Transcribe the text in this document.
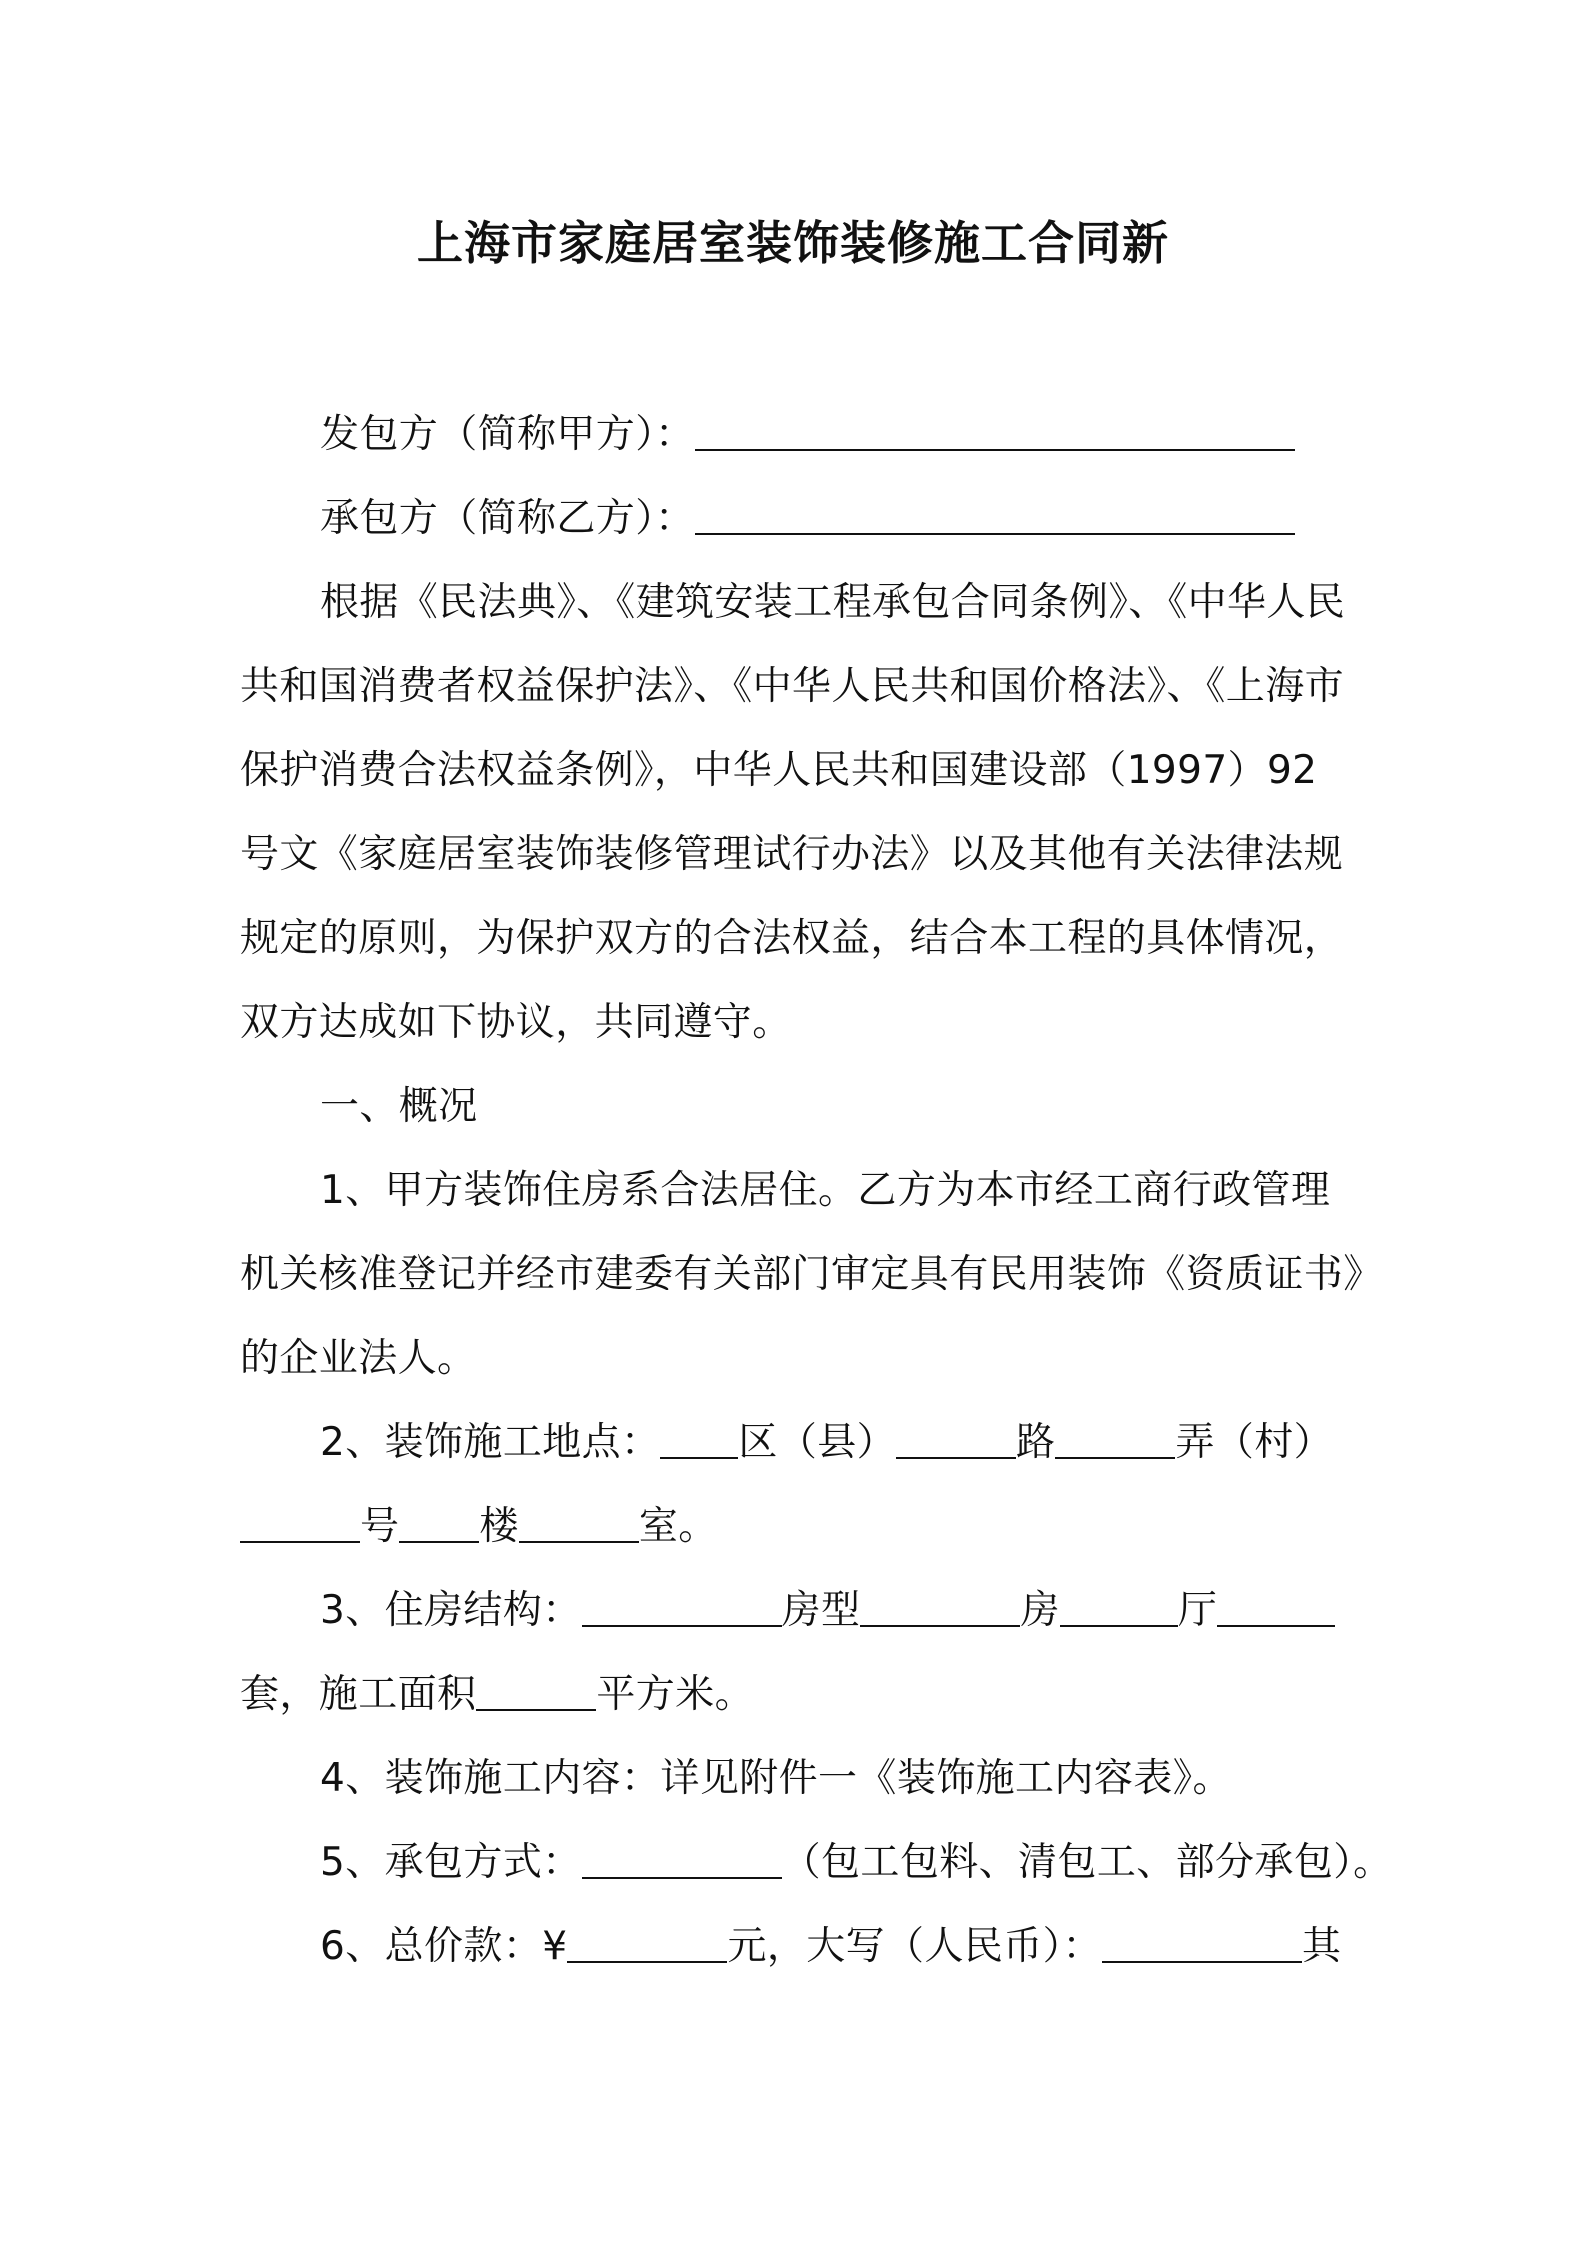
上海市家庭居室装饰装修施工合同新
发包方（简称甲方）：
承包方（简称乙方）：
根据《民法典》、《建筑安装工程承包合同条例》、《中华人民
共和国消费者权益保护法》、《中华人民共和国价格法》、《上海市
保护消费合法权益条例》，中华人民共和国建设部（1997）92
号文《家庭居室装饰装修管理试行办法》以及其他有关法律法规
规定的原则，为保护双方的合法权益，结合本工程的具体情况，
双方达成如下协议，共同遵守。
一、概况
1、甲方装饰住房系合法居住。乙方为本市经工商行政管理
机关核准登记并经市建委有关部门审定具有民用装饰《资质证书》
的企业法人。
2、装饰施工地点： 区（县）	路	弄（村）
号 楼	室。
3、住房结构：	房型	房	厅
套，施工面积	平方米。
4、装饰施工内容：详见附件一《装饰施工内容表》。
5、承包方式：	（包工包料、清包工、部分承包）。
6、总价款：¥	元，大写（人民币）：	其
